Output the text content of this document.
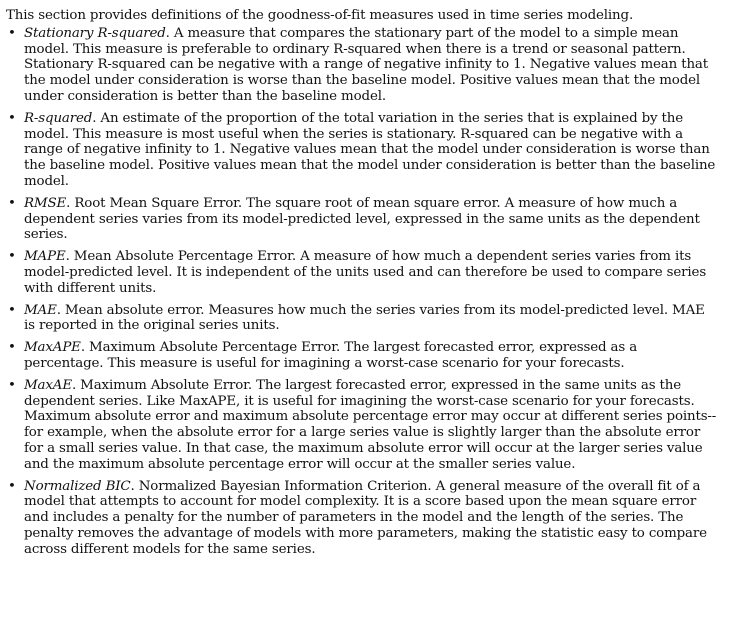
This section provides definitions of the goodness-of-fit measures used in time series modeling.

• Stationary R-squared. A measure that compares the stationary part of the model to a simple mean model. This measure is preferable to ordinary R-squared when there is a trend or seasonal pattern. Stationary R-squared can be negative with a range of negative infinity to 1. Negative values mean that the model under consideration is worse than the baseline model. Positive values mean that the model under consideration is better than the baseline model.
• R-squared. An estimate of the proportion of the total variation in the series that is explained by the model. This measure is most useful when the series is stationary. R-squared can be negative with a range of negative infinity to 1. Negative values mean that the model under consideration is worse than the baseline model. Positive values mean that the model under consideration is better than the baseline model.
• RMSE. Root Mean Square Error. The square root of mean square error. A measure of how much a dependent series varies from its model-predicted level, expressed in the same units as the dependent series.
• MAPE. Mean Absolute Percentage Error. A measure of how much a dependent series varies from its model-predicted level. It is independent of the units used and can therefore be used to compare series with different units.
• MAE. Mean absolute error. Measures how much the series varies from its model-predicted level. MAE is reported in the original series units.
• MaxAPE. Maximum Absolute Percentage Error. The largest forecasted error, expressed as a percentage. This measure is useful for imagining a worst-case scenario for your forecasts.
• MaxAE. Maximum Absolute Error. The largest forecasted error, expressed in the same units as the dependent series. Like MaxAPE, it is useful for imagining the worst-case scenario for your forecasts. Maximum absolute error and maximum absolute percentage error may occur at different series points--for example, when the absolute error for a large series value is slightly larger than the absolute error for a small series value. In that case, the maximum absolute error will occur at the larger series value and the maximum absolute percentage error will occur at the smaller series value.
• Normalized BIC. Normalized Bayesian Information Criterion. A general measure of the overall fit of a model that attempts to account for model complexity. It is a score based upon the mean square error and includes a penalty for the number of parameters in the model and the length of the series. The penalty removes the advantage of models with more parameters, making the statistic easy to compare across different models for the same series.
